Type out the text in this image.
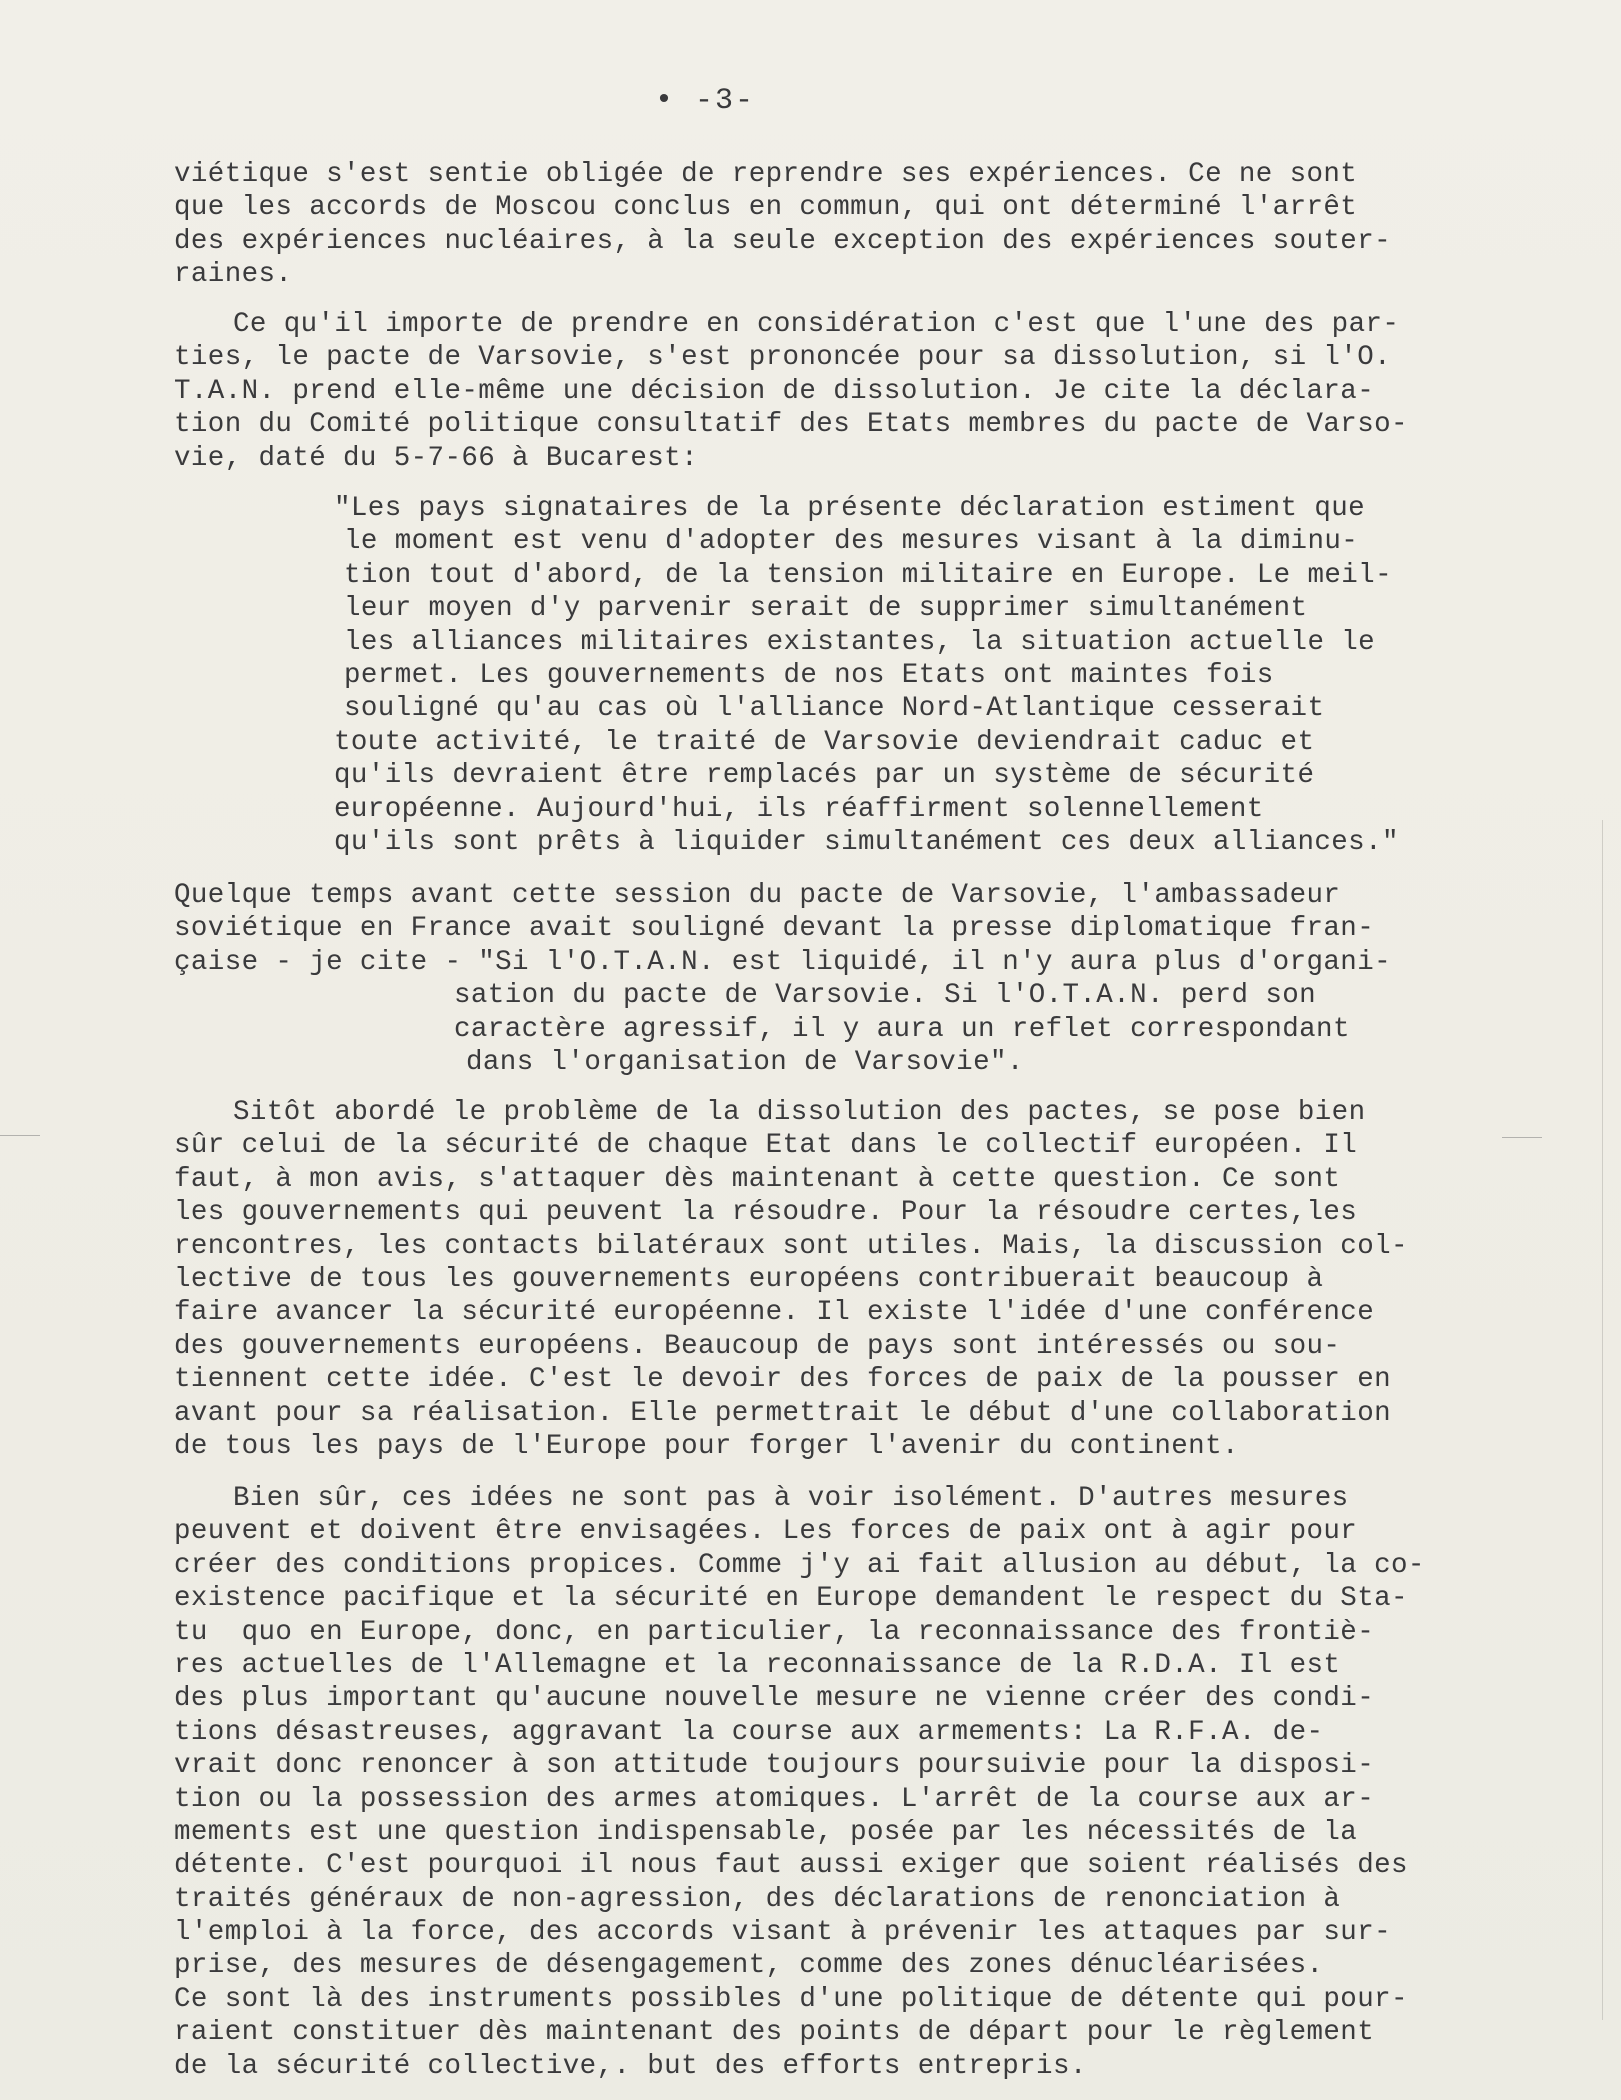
• -3-
viétique s'est sentie obligée de reprendre ses expériences. Ce ne sont
que les accords de Moscou conclus en commun, qui ont déterminé l'arrêt
des expériences nucléaires, à la seule exception des expériences souter-
raines.
Ce qu'il importe de prendre en considération c'est que l'une des par-
ties, le pacte de Varsovie, s'est prononcée pour sa dissolution, si l'O.
T.A.N. prend elle-même une décision de dissolution. Je cite la déclara-
tion du Comité politique consultatif des Etats membres du pacte de Varso-
vie, daté du 5-7-66 à Bucarest:
"Les pays signataires de la présente déclaration estiment que
le moment est venu d'adopter des mesures visant à la diminu-
tion tout d'abord, de la tension militaire en Europe. Le meil-
leur moyen d'y parvenir serait de supprimer simultanément
les alliances militaires existantes, la situation actuelle le
permet. Les gouvernements de nos Etats ont maintes fois
souligné qu'au cas où l'alliance Nord-Atlantique cesserait
toute activité, le traité de Varsovie deviendrait caduc et
qu'ils devraient être remplacés par un système de sécurité
européenne. Aujourd'hui, ils réaffirment solennellement
qu'ils sont prêts à liquider simultanément ces deux alliances."
Quelque temps avant cette session du pacte de Varsovie, l'ambassadeur
soviétique en France avait souligné devant la presse diplomatique fran-
çaise - je cite - "Si l'O.T.A.N. est liquidé, il n'y aura plus d'organi-
sation du pacte de Varsovie. Si l'O.T.A.N. perd son
caractère agressif, il y aura un reflet correspondant
dans l'organisation de Varsovie".
Sitôt abordé le problème de la dissolution des pactes, se pose bien
sûr celui de la sécurité de chaque Etat dans le collectif européen. Il
faut, à mon avis, s'attaquer dès maintenant à cette question. Ce sont
les gouvernements qui peuvent la résoudre. Pour la résoudre certes,les
rencontres, les contacts bilatéraux sont utiles. Mais, la discussion col-
lective de tous les gouvernements européens contribuerait beaucoup à
faire avancer la sécurité européenne. Il existe l'idée d'une conférence
des gouvernements européens. Beaucoup de pays sont intéressés ou sou-
tiennent cette idée. C'est le devoir des forces de paix de la pousser en
avant pour sa réalisation. Elle permettrait le début d'une collaboration
de tous les pays de l'Europe pour forger l'avenir du continent.
Bien sûr, ces idées ne sont pas à voir isolément. D'autres mesures
peuvent et doivent être envisagées. Les forces de paix ont à agir pour
créer des conditions propices. Comme j'y ai fait allusion au début, la co-
existence pacifique et la sécurité en Europe demandent le respect du Sta-
tu  quo en Europe, donc, en particulier, la reconnaissance des frontiè-
res actuelles de l'Allemagne et la reconnaissance de la R.D.A. Il est
des plus important qu'aucune nouvelle mesure ne vienne créer des condi-
tions désastreuses, aggravant la course aux armements: La R.F.A. de-
vrait donc renoncer à son attitude toujours poursuivie pour la disposi-
tion ou la possession des armes atomiques. L'arrêt de la course aux ar-
mements est une question indispensable, posée par les nécessités de la
détente. C'est pourquoi il nous faut aussi exiger que soient réalisés des
traités généraux de non-agression, des déclarations de renonciation à
l'emploi à la force, des accords visant à prévenir les attaques par sur-
prise, des mesures de désengagement, comme des zones dénucléarisées.
Ce sont là des instruments possibles d'une politique de détente qui pour-
raient constituer dès maintenant des points de départ pour le règlement
de la sécurité collective,. but des efforts entrepris.
